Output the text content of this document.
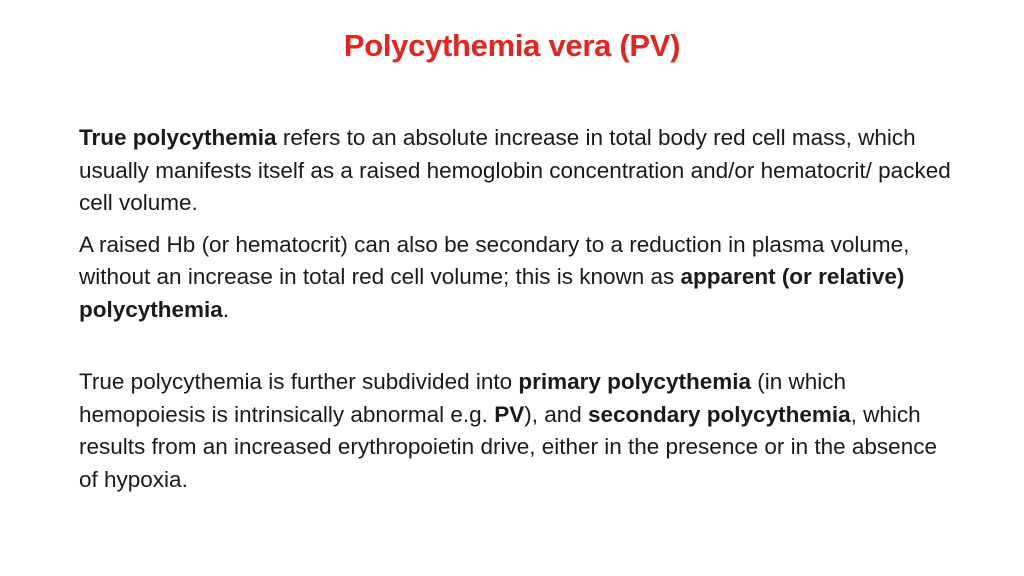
Polycythemia vera (PV)

True polycythemia refers to an absolute increase in total body red cell mass, which usually manifests itself as a raised hemoglobin concentration and/or hematocrit/ packed cell volume.

A raised Hb (or hematocrit) can also be secondary to a reduction in plasma volume, without an increase in total red cell volume; this is known as apparent (or relative) polycythemia.

True polycythemia is further subdivided into primary polycythemia (in which hemopoiesis is intrinsically abnormal e.g. PV), and secondary polycythemia, which results from an increased erythropoietin drive, either in the presence or in the absence of hypoxia.
